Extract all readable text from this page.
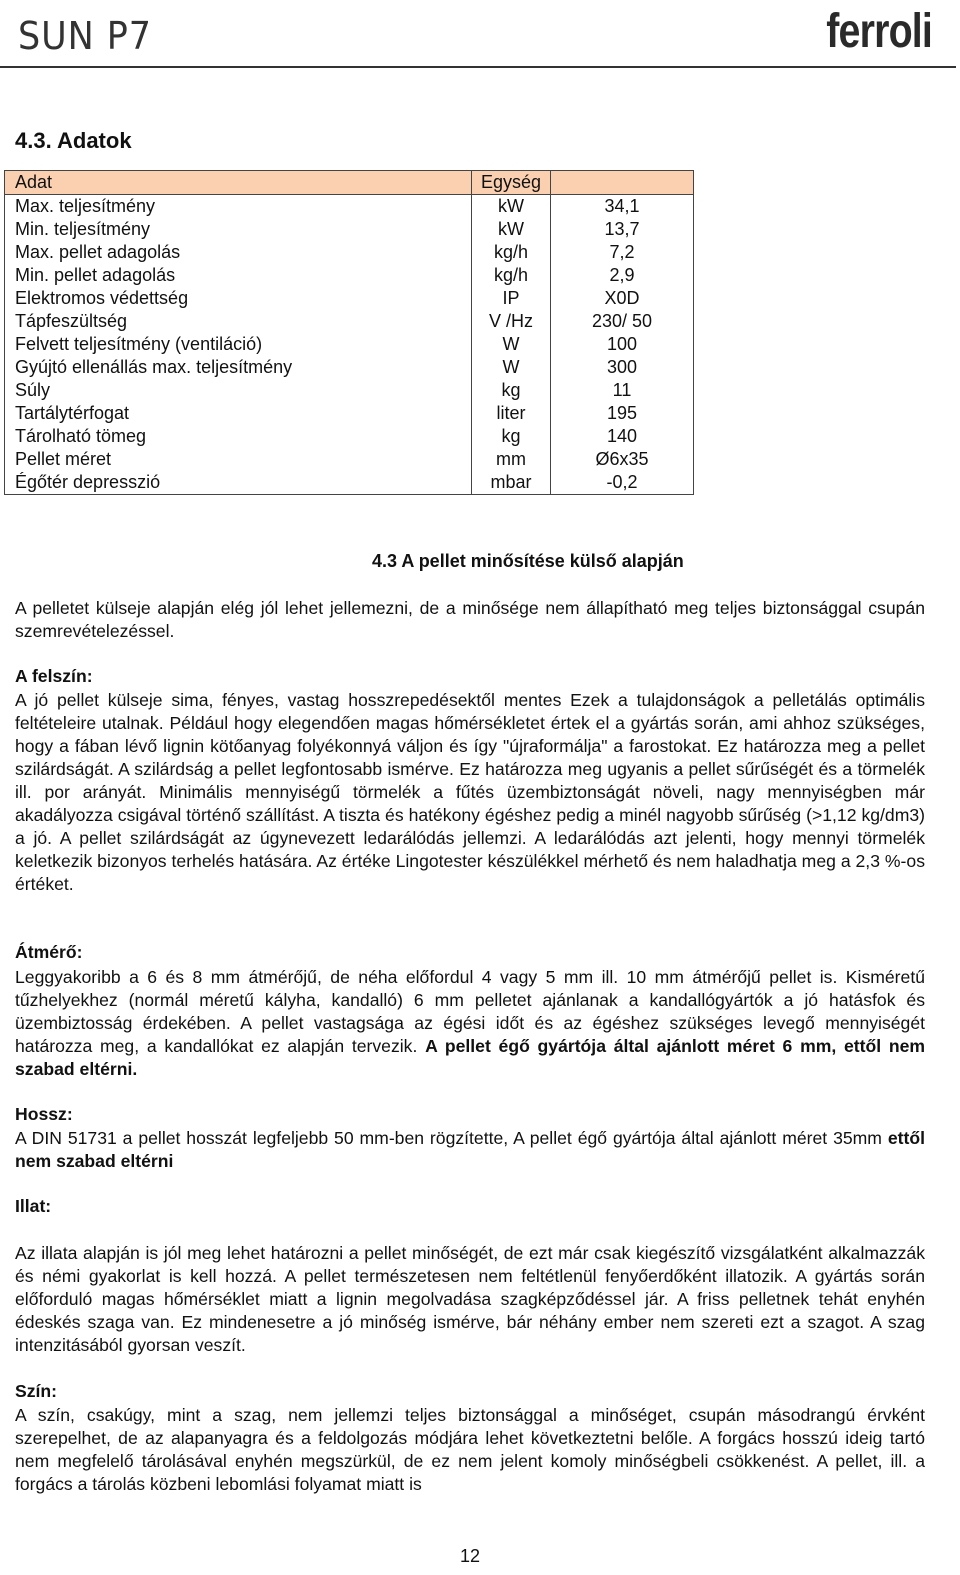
SUN P7	ferroli
4.3. Adatok
Adat	Egység	
Max. teljesítmény	kW	34,1
Min. teljesítmény	kW	13,7
Max. pellet adagolás	kg/h	7,2
Min. pellet adagolás	kg/h	2,9
Elektromos védettség	IP	X0D
Tápfeszültség	V /Hz	230/ 50
Felvett teljesítmény (ventiláció)	W	100
Gyújtó ellenállás max. teljesítmény	W	300
Súly	kg	11
Tartálytérfogat	liter	195
Tárolható tömeg	kg	140
Pellet méret	mm	Ø6x35
Égőtér depresszió	mbar	-0,2
4.3 A pellet minősítése külső alapján

A pelletet külseje alapján elég jól lehet jellemezni, de a minősége nem állapítható meg teljes biztonsággal csupán szemrevételezéssel.

A felszín:

A jó pellet külseje sima, fényes, vastag hosszrepedésektől mentes Ezek a tulajdonságok a pelletálás optimális feltételeire utalnak. Például hogy elegendően magas hőmérsékletet értek el a gyártás során, ami ahhoz szükséges, hogy a fában lévő lignin kötőanyag folyékonnyá váljon és így "újraformálja" a farostokat. Ez határozza meg a pellet szilárdságát. A szilárdság a pellet legfontosabb ismérve. Ez határozza meg ugyanis a pellet sűrűségét és a törmelék ill. por arányát. Minimális mennyiségű törmelék a fűtés üzembiztonságát növeli, nagy mennyiségben már akadályozza csigával történő szállítást. A tiszta és hatékony égéshez pedig a minél nagyobb sűrűség (>1,12 kg/dm3) a jó. A pellet szilárdságát az úgynevezett ledarálódás jellemzi. A ledarálódás azt jelenti, hogy mennyi törmelék keletkezik bizonyos terhelés hatására. Az értéke Lingotester készülékkel mérhető és nem haladhatja meg a 2,3 %-os értéket.

Átmérő:

Leggyakoribb a 6 és 8 mm átmérőjű, de néha előfordul 4 vagy 5 mm ill. 10 mm átmérőjű pellet is. Kisméretű tűzhelyekhez (normál méretű kályha, kandalló) 6 mm pelletet ajánlanak a kandallógyártók a jó hatásfok és üzembiztosság érdekében. A pellet vastagsága az égési időt és az égéshez szükséges levegő mennyiségét határozza meg, a kandallókat ez alapján tervezik. A pellet égő gyártója által ajánlott méret 6 mm, ettől nem szabad eltérni.

Hossz:

A DIN 51731 a pellet hosszát legfeljebb 50 mm-ben rögzítette, A pellet égő gyártója által ajánlott méret 35mm ettől nem szabad eltérni

Illat:

Az illata alapján is jól meg lehet határozni a pellet minőségét, de ezt már csak kiegészítő vizsgálatként alkalmazzák és némi gyakorlat is kell hozzá. A pellet természetesen nem feltétlenül fenyőerdőként illatozik. A gyártás során előforduló magas hőmérséklet miatt a lignin megolvadása szagképződéssel jár. A friss pelletnek tehát enyhén édeskés szaga van. Ez mindenesetre a jó minőség ismérve, bár néhány ember nem szereti ezt a szagot. A szag intenzitásából gyorsan veszít.

Szín:

A szín, csakúgy, mint a szag, nem jellemzi teljes biztonsággal a minőséget, csupán másodrangú érvként szerepelhet, de az alapanyagra és a feldolgozás módjára lehet következtetni belőle. A forgács hosszú ideig tartó nem megfelelő tárolásával enyhén megszürkül, de ez nem jelent komoly minőségbeli csökkenést. A pellet, ill. a forgács a tárolás közbeni lebomlási folyamat miatt is

12
